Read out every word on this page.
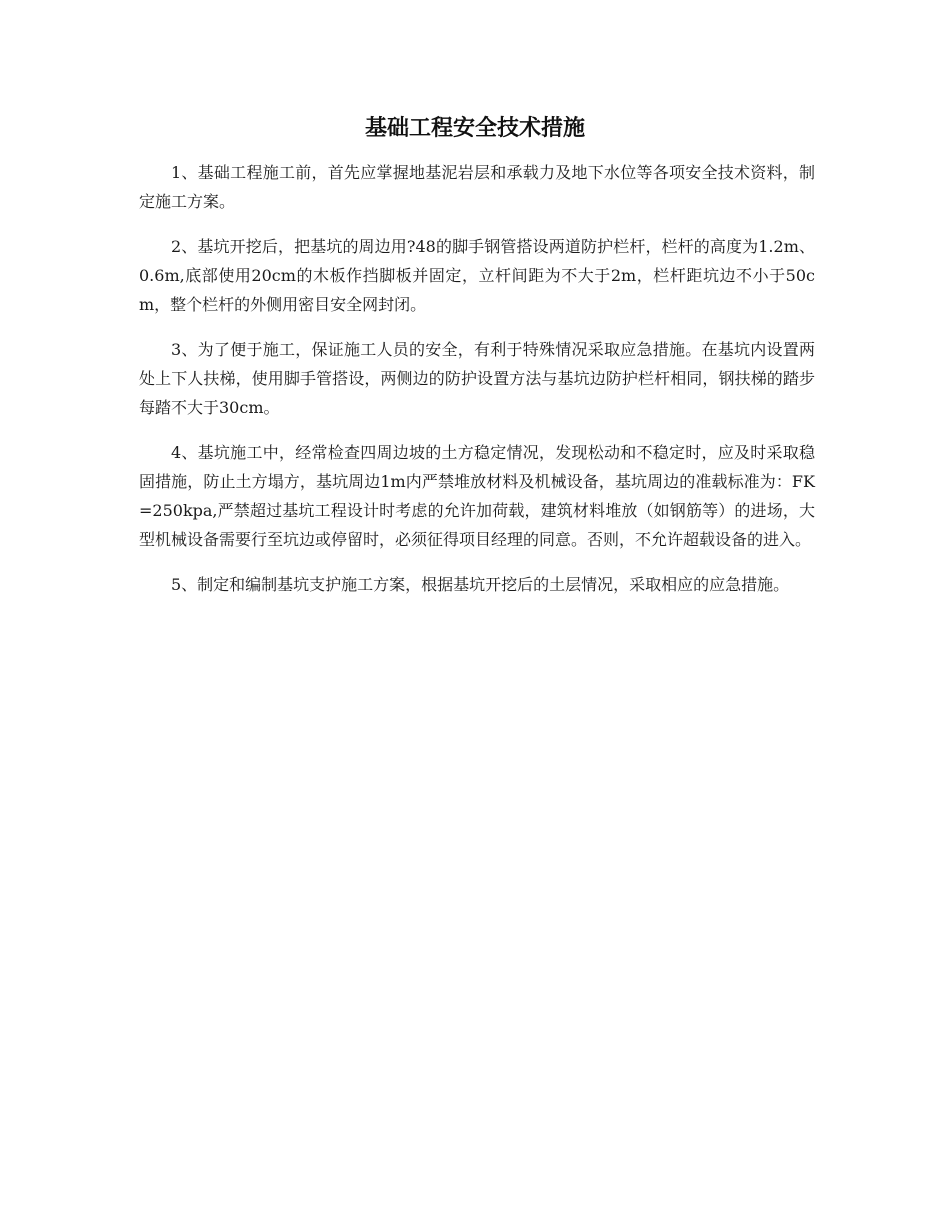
基础工程安全技术措施

1、基础工程施工前，首先应掌握地基泥岩层和承载力及地下水位等各项安全技术资料，制定施工方案。

2、基坑开挖后，把基坑的周边用?48的脚手钢管搭设两道防护栏杆，栏杆的高度为1.2m、0.6m,底部使用20cm的木板作挡脚板并固定，立杆间距为不大于2m，栏杆距坑边不小于50cm，整个栏杆的外侧用密目安全网封闭。

3、为了便于施工，保证施工人员的安全，有利于特殊情况采取应急措施。在基坑内设置两处上下人扶梯，使用脚手管搭设，两侧边的防护设置方法与基坑边防护栏杆相同，钢扶梯的踏步每踏不大于30cm。

4、基坑施工中，经常检查四周边坡的土方稳定情况，发现松动和不稳定时，应及时采取稳固措施，防止土方塌方，基坑周边1m内严禁堆放材料及机械设备，基坑周边的准载标准为：FK=250kpa,严禁超过基坑工程设计时考虑的允许加荷载，建筑材料堆放（如钢筋等）的进场，大型机械设备需要行至坑边或停留时，必须征得项目经理的同意。否则，不允许超载设备的进入。

5、制定和编制基坑支护施工方案，根据基坑开挖后的土层情况，采取相应的应急措施。
